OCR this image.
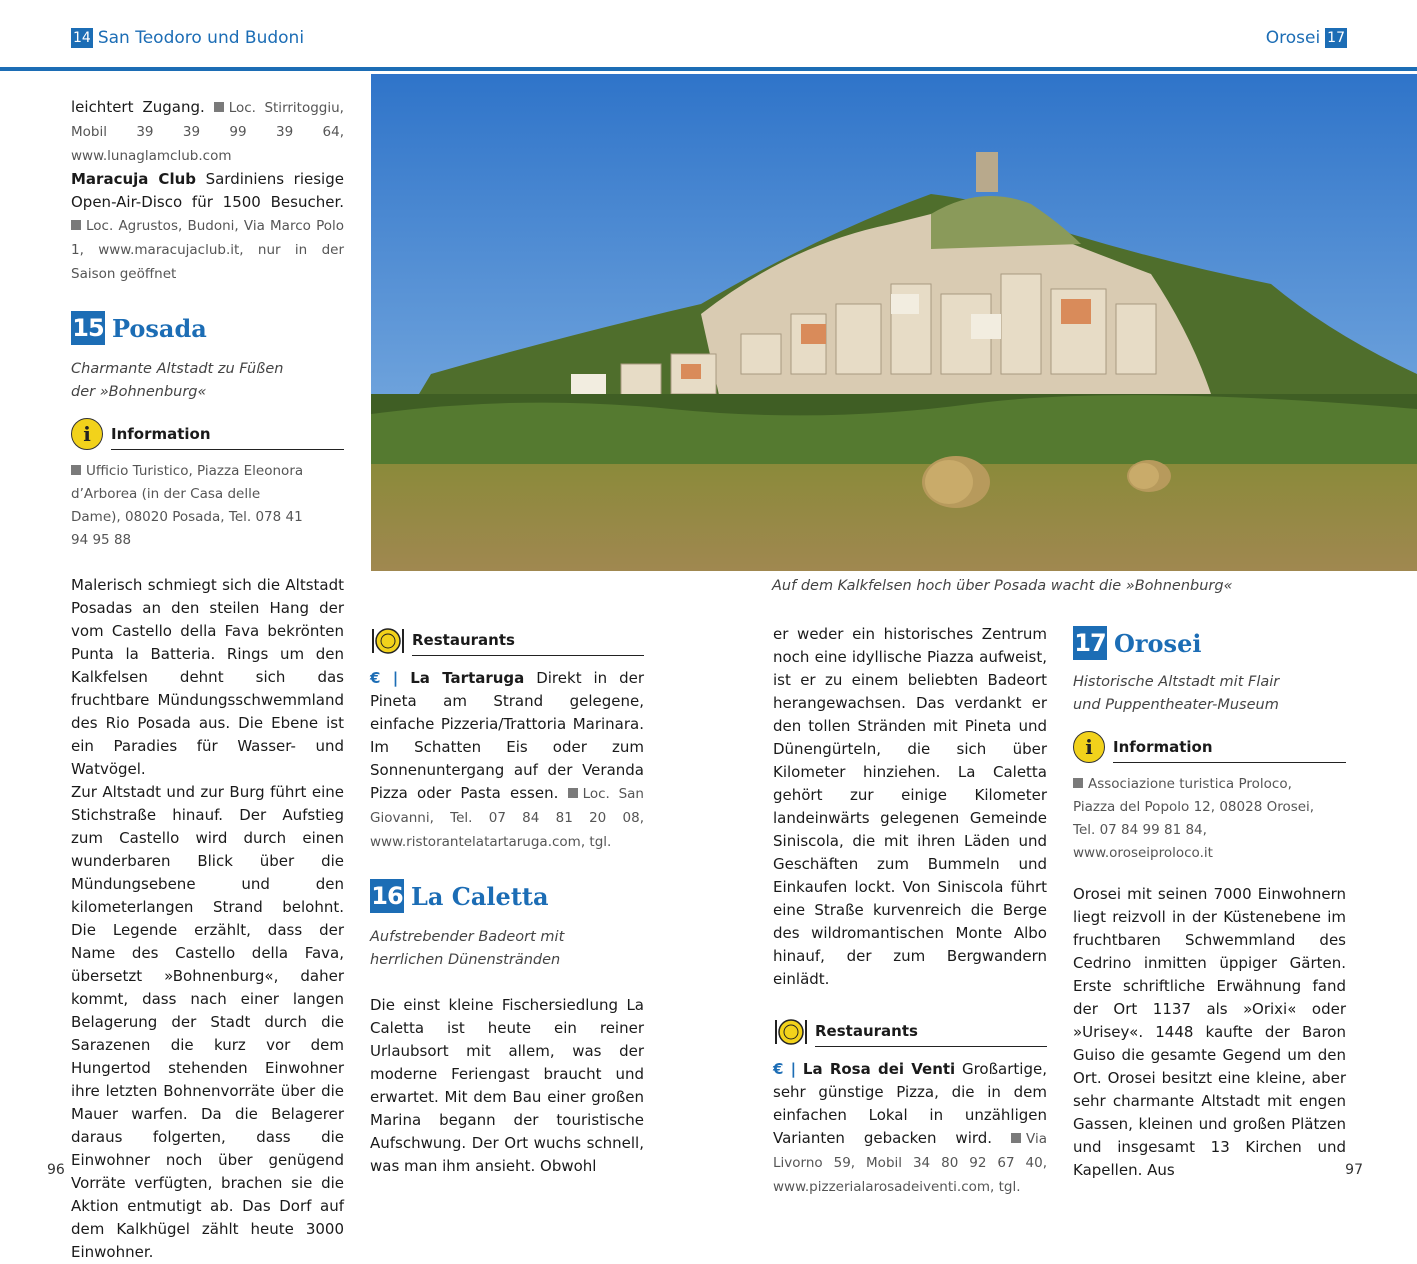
14 San Teodoro und Budoni	Orosei 17

leichtert Zugang. Loc. Stirritoggiu, Mobil 39 39 99 39 64, www.lunaglamclub.com

Maracuja Club Sardiniens riesige Open-Air-Disco für 1500 Besucher. Loc. Agrustos, Budoni, Via Marco Polo 1, www.maracujaclub.it, nur in der Saison geöffnet

15 Posada

Charmante Altstadt zu Füßen der »Bohnenburg«

i	Information

Ufficio Turistico, Piazza Eleonora d’Arborea (in der Casa delle Dame), 08020 Posada, Tel. 078 41 94 95 88

Malerisch schmiegt sich die Altstadt Posadas an den steilen Hang der vom Castello della Fava bekrönten Punta la Batteria. Rings um den Kalkfelsen dehnt sich das fruchtbare Mündungsschwemmland des Rio Posada aus. Die Ebene ist ein Paradies für Wasser- und Watvögel.

Zur Altstadt und zur Burg führt eine Stichstraße hinauf. Der Aufstieg zum Castello wird durch einen wunderbaren Blick über die Mündungsebene und den kilometerlangen Strand belohnt. Die Legende erzählt, dass der Name des Castello della Fava, übersetzt »Bohnenburg«, daher kommt, dass nach einer langen Belagerung der Stadt durch die Sarazenen die kurz vor dem Hungertod stehenden Einwohner ihre letzten Bohnenvorräte über die Mauer warfen. Da die Belagerer daraus folgerten, dass die Einwohner noch über genügend Vorräte verfügten, brachen sie die Aktion entmutigt ab. Das Dorf auf dem Kalkhügel zählt heute 3000 Einwohner.

Auf dem Kalkfelsen hoch über Posada wacht die »Bohnenburg«
Restaurants

€ | La Tartaruga Direkt in der Pineta am Strand gelegene, einfache Pizzeria/Trattoria Marinara. Im Schatten Eis oder zum Sonnenuntergang auf der Veranda Pizza oder Pasta essen. Loc. San Giovanni, Tel. 07 84 81 20 08, www.ristorantelatartaruga.com, tgl.

16 La Caletta

Aufstrebender Badeort mit herrlichen Dünenstränden

Die einst kleine Fischersiedlung La Caletta ist heute ein reiner Urlaubsort mit allem, was der moderne Feriengast braucht und erwartet. Mit dem Bau einer großen Marina begann der touristische Aufschwung. Der Ort wuchs schnell, was man ihm ansieht. Obwohl

er weder ein historisches Zentrum noch eine idyllische Piazza aufweist, ist er zu einem beliebten Badeort herangewachsen. Das verdankt er den tollen Stränden mit Pineta und Dünengürteln, die sich über Kilometer hinziehen. La Caletta gehört zur einige Kilometer landeinwärts gelegenen Gemeinde Siniscola, die mit ihren Läden und Geschäften zum Bummeln und Einkaufen lockt. Von Siniscola führt eine Straße kurvenreich die Berge des wildromantischen Monte Albo hinauf, der zum Bergwandern einlädt.

Restaurants

€ | La Rosa dei Venti Großartige, sehr günstige Pizza, die in dem einfachen Lokal in unzähligen Varianten gebacken wird.	Via Livorno 59, Mobil 34 80 92 67 40, www.pizzerialarosadeiventi.com, tgl.

17 Orosei

Historische Altstadt mit Flair und Puppentheater-Museum

i	Information

Associazione turistica Proloco, Piazza del Popolo 12, 08028 Orosei, Tel. 07 84 99 81 84, www.oroseiproloco.it

Orosei mit seinen 7000 Einwohnern liegt reizvoll in der Küstenebene im fruchtbaren Schwemmland des Cedrino inmitten üppiger Gärten. Erste schriftliche Erwähnung fand der Ort 1137 als »Orixi« oder »Urisey«. 1448 kaufte der Baron Guiso die gesamte Gegend um den Ort. Orosei besitzt eine kleine, aber sehr charmante Altstadt mit engen Gassen, kleinen und großen Plätzen und insgesamt 13 Kirchen und Kapellen. Aus

96	97
